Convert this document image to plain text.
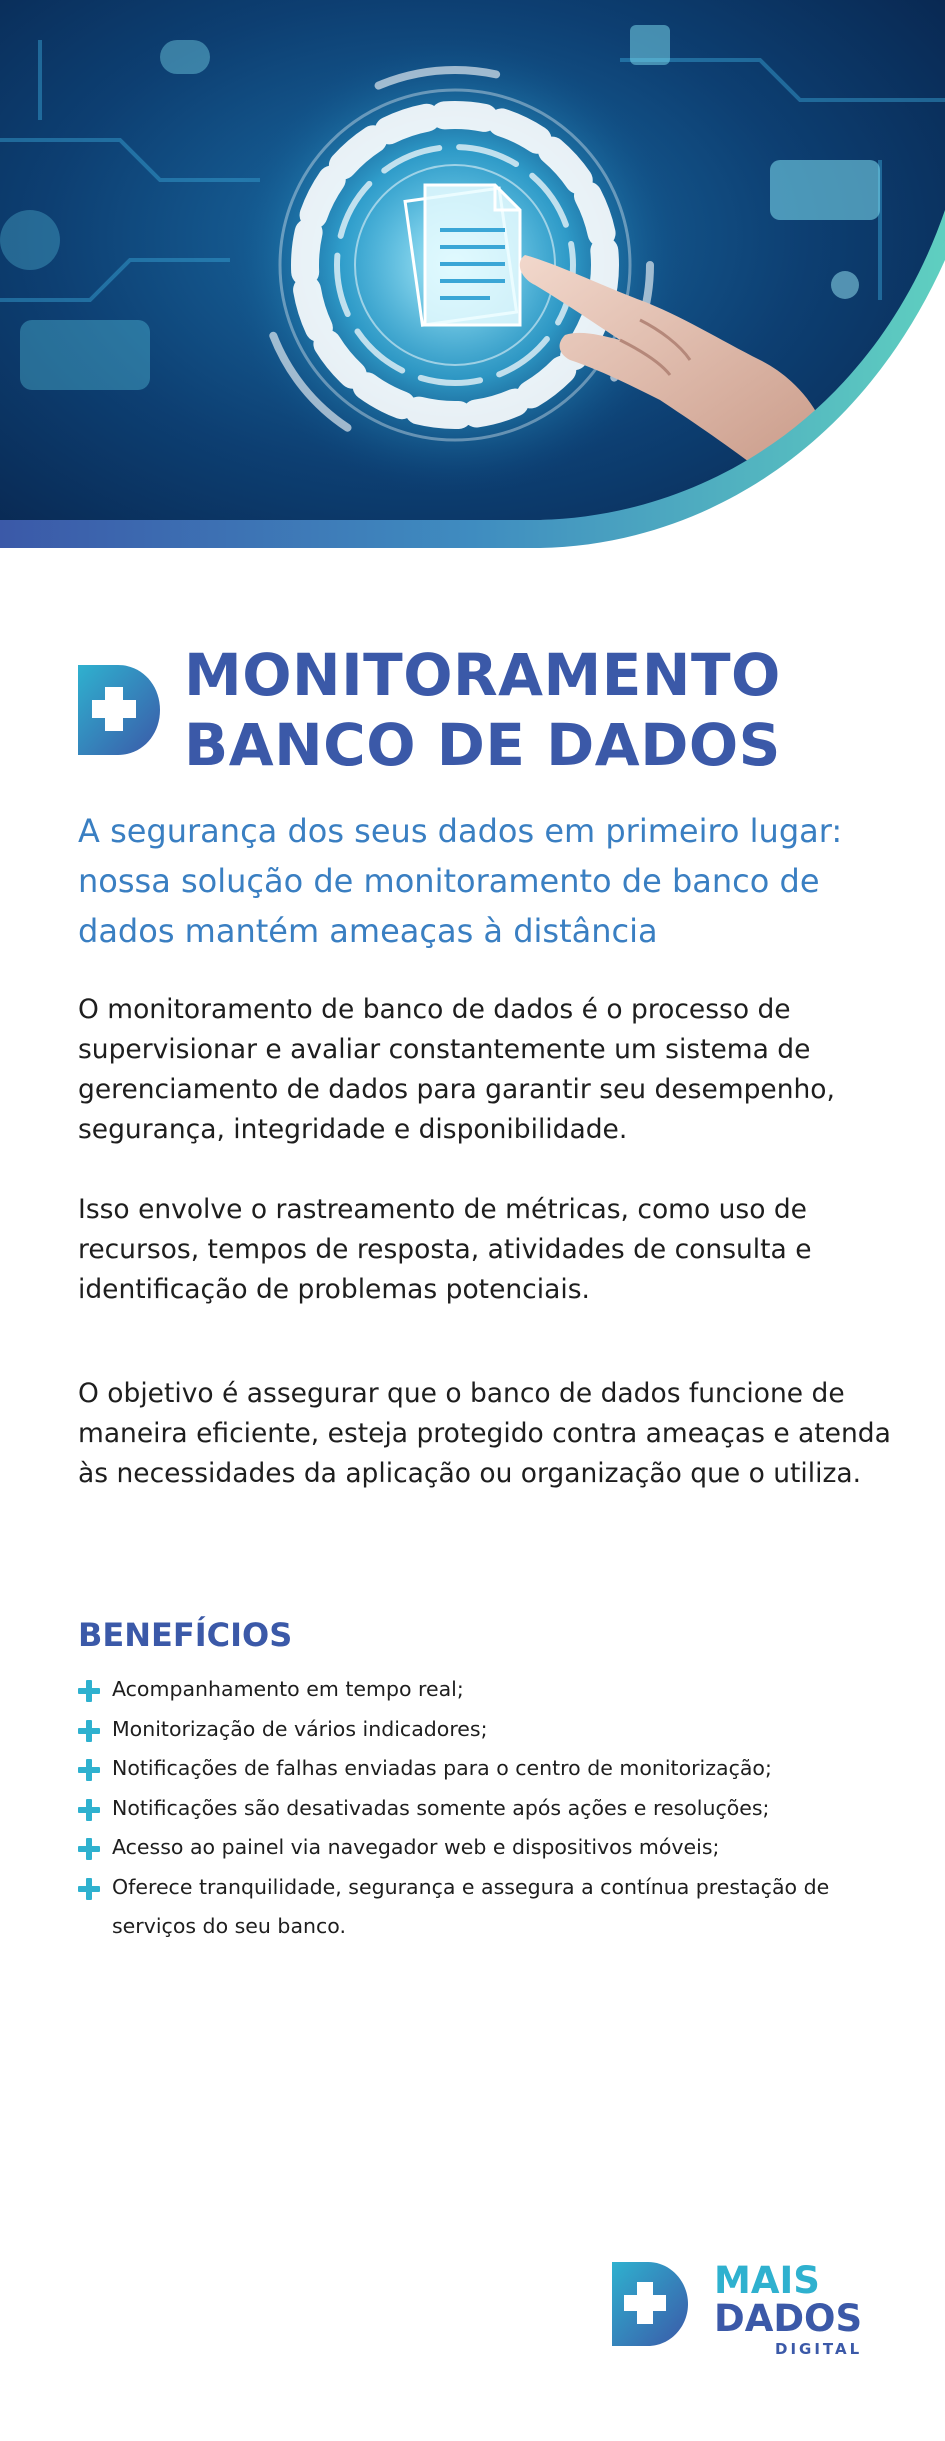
MONITORAMENTO
BANCO DE DADOS
A segurança dos seus dados em primeiro lugar: nossa solução de monitoramento de banco de dados mantém ameaças à distância
O monitoramento de banco de dados é o processo de supervisionar e avaliar constantemente um sistema de gerenciamento de dados para garantir seu desempenho, segurança, integridade e disponibilidade.
Isso envolve o rastreamento de métricas, como uso de recursos, tempos de resposta, atividades de consulta e identificação de problemas potenciais.
O objetivo é assegurar que o banco de dados funcione de maneira eficiente, esteja protegido contra ameaças e atenda às necessidades da aplicação ou organização que o utiliza.
BENEFÍCIOS
Acompanhamento em tempo real;
Monitorização de vários indicadores;
Notificações de falhas enviadas para o centro de monitorização;
Notificações são desativadas somente após ações e resoluções;
Acesso ao painel via navegador web e dispositivos móveis;
Oferece tranquilidade, segurança e assegura a contínua prestação de serviços do seu banco.
MAIS
DADOS
DIGITAL
